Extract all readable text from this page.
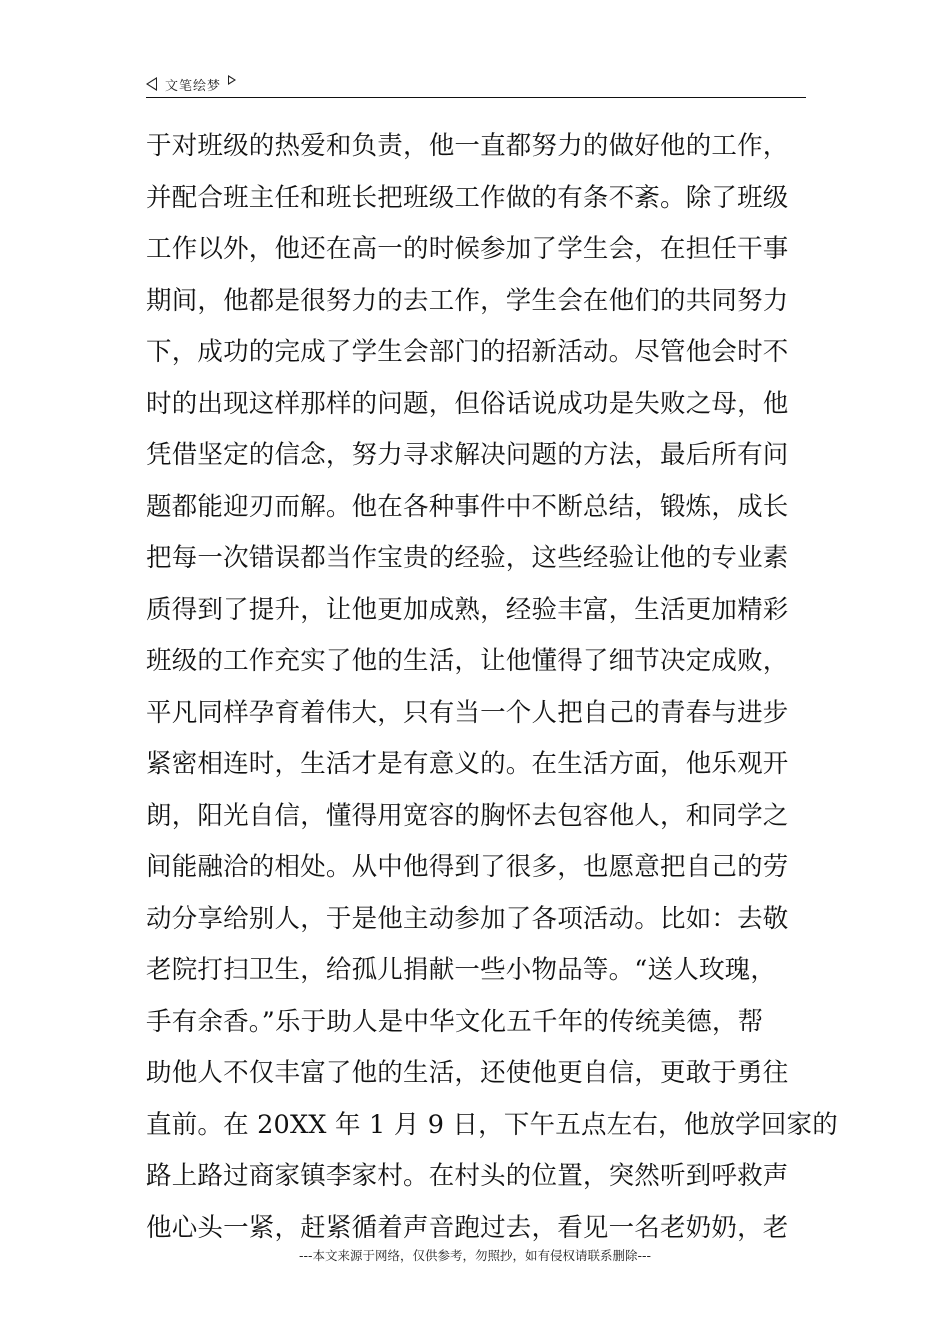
文笔绘梦
于对班级的热爱和负责，他一直都努力的做好他的工作，
并配合班主任和班长把班级工作做的有条不紊。除了班级
工作以外，他还在高一的时候参加了学生会，在担任干事
期间，他都是很努力的去工作，学生会在他们的共同努力
下，成功的完成了学生会部门的招新活动。尽管他会时不
时的出现这样那样的问题，但俗话说成功是失败之母，他
凭借坚定的信念，努力寻求解决问题的方法，最后所有问
题都能迎刃而解。他在各种事件中不断总结，锻炼，成长
把每一次错误都当作宝贵的经验，这些经验让他的专业素
质得到了提升，让他更加成熟，经验丰富，生活更加精彩
班级的工作充实了他的生活，让他懂得了细节决定成败，
平凡同样孕育着伟大，只有当一个人把自己的青春与进步
紧密相连时，生活才是有意义的。在生活方面，他乐观开
朗，阳光自信，懂得用宽容的胸怀去包容他人，和同学之
间能融洽的相处。从中他得到了很多，也愿意把自己的劳
动分享给别人，于是他主动参加了各项活动。比如：去敬
老院打扫卫生，给孤儿捐献一些小物品等。“送人玫瑰，
手有余香。”乐于助人是中华文化五千年的传统美德，帮
助他人不仅丰富了他的生活，还使他更自信，更敢于勇往
直前。在 20XX 年 1 月 9 日，下午五点左右，他放学回家的
路上路过商家镇李家村。在村头的位置，突然听到呼救声
他心头一紧，赶紧循着声音跑过去，看见一名老奶奶，老
---本文来源于网络，仅供参考，勿照抄，如有侵权请联系删除---
